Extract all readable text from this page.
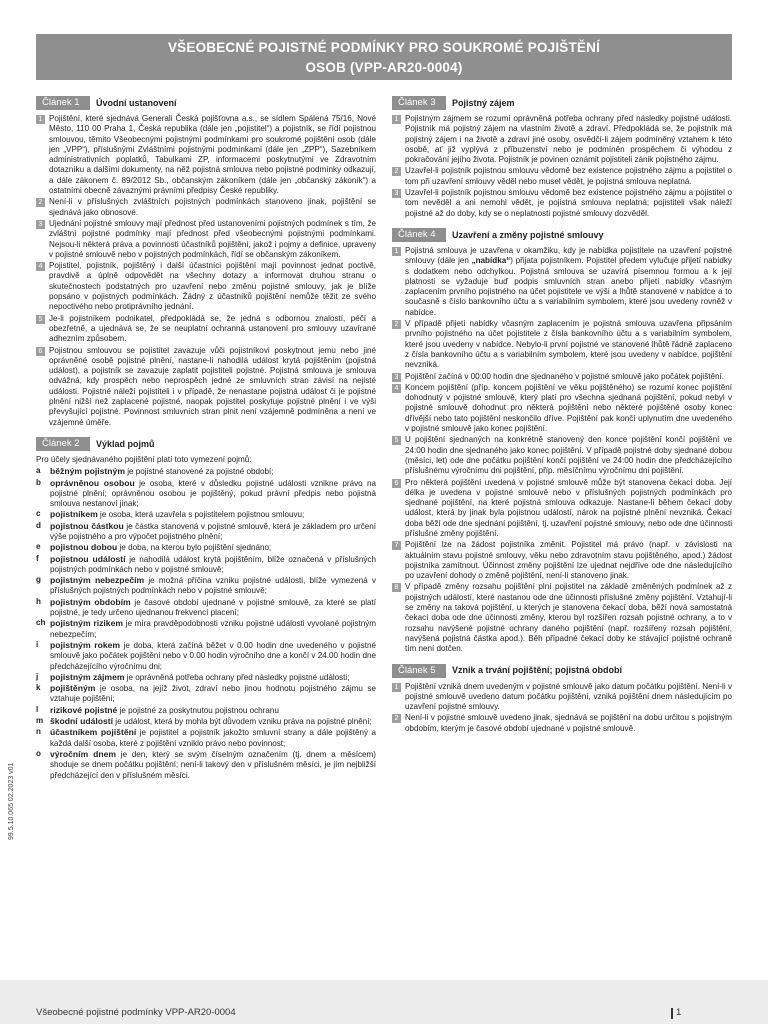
VŠEOBECNÉ POJISTNÉ PODMÍNKY PRO SOUKROMÉ POJIŠTĚNÍ
OSOB (VPP-AR20-0004)
Článek 1	Úvodní ustanovení
1 Pojištění, které sjednává Generali Česká pojišťovna a.s., se sídlem Spálená 75/16, Nové Město, 110 00 Praha 1, Česká republika (dále jen „pojistitel“) a pojistník, se řídí pojistnou smlouvou, těmito Všeobecnými pojistnými podmínkami pro soukromé pojištění osob (dále jen „VPP“), příslušnými Zvláštními pojistnými podmínkami (dále jen „ZPP“), Sazebníkem administrativních poplatků, Tabulkami ZP, informacemi poskytnutými ve Zdravotním dotazníku a dalšími dokumenty, na něž pojistná smlouva nebo pojistné podmínky odkazují, a dále zákonem č. 89/2012 Sb., občanským zákoníkem (dále jen „občanský zákoník“) a ostatními obecně závaznými právními předpisy České republiky.
2 Není-li v příslušných zvláštních pojistných podmínkách stanoveno jinak, pojištění se sjednává jako obnosové.
3 Ujednání pojistné smlouvy mají přednost před ustanoveními pojistných podmínek s tím, že zvláštní pojistné podmínky mají přednost před všeobecnými pojistnými podmínkami. Nejsou-li některá práva a povinnosti účastníků pojištění, jakož i pojmy a definice, upraveny v pojistné smlouvě nebo v pojistných podmínkách, řídí se občanským zákoníkem.
4 Pojistitel, pojistník, pojištěný i další účastníci pojištění mají povinnost jednat poctivě, pravdivě a úplně odpovědět na všechny dotazy a informovat druhou stranu o skutečnostech podstatných pro uzavření nebo změnu pojistné smlouvy, jak je blíže popsáno v pojistných podmínkách. Žádný z účastníků pojištění nemůže těžit ze svého nepoctivého nebo protiprávního jednání.
5 Je-li pojistníkem podnikatel, předpokládá se, že jedná s odbornou znalostí, péčí a obezřetně, a ujednává se, že se neuplatní ochranná ustanovení pro smlouvy uzavírané adhezním způsobem.
6 Pojistnou smlouvou se pojistitel zavazuje vůči pojistníkovi poskytnout jemu nebo jiné oprávněné osobě pojistné plnění, nastane-li nahodilá událost krytá pojištěním (pojistná událost), a pojistník se zavazuje zaplatit pojistiteli pojistné. Pojistná smlouva je smlouva odvážná, kdy prospěch nebo neprospěch jedné ze smluvních stran závisí na nejisté události. Pojistné náleží pojistiteli i v případě, že nenastane pojistná událost či je pojistné plnění nižší než zaplacené pojistné, naopak pojistitel poskytuje pojistné plnění i ve výši převyšující pojistné. Povinnost smluvních stran plnit není vzájemně podmíněna a není ve vzájemné úměře.
Článek 2	Výklad pojmů
Pro účely sjednávaného pojištění platí toto vymezení pojmů:
a	běžným pojistným je pojistné stanovené za pojistné období;
b	oprávněnou osobou je osoba, které v důsledku pojistné události vznikne právo na pojistné plnění; oprávněnou osobou je pojištěný, pokud právní předpis nebo pojistná smlouva nestanoví jinak;
c	pojistníkem je osoba, která uzavřela s pojistitelem pojistnou smlouvu;
d	pojistnou částkou je částka stanovená v pojistné smlouvě, která je základem pro určení výše pojistného a pro výpočet pojistného plnění;
e	pojistnou dobou je doba, na kterou bylo pojištění sjednáno;
f	pojistnou událostí je nahodilá událost krytá pojištěním, blíže označená v příslušných pojistných podmínkách nebo v pojistné smlouvě;
g	pojistným nebezpečím je možná příčina vzniku pojistné události, blíže vymezená v příslušných pojistných podmínkách nebo v pojistné smlouvě;
h	pojistným obdobím je časové období ujednané v pojistné smlouvě, za které se platí pojistné, je tedy určeno ujednanou frekvencí placení;
ch pojistným rizikem je míra pravděpodobnosti vzniku pojistné události vyvolané pojistným nebezpečím;
i	pojistným rokem je doba, která začíná běžet v 0.00 hodin dne uvedeného v pojistné smlouvě jako počátek pojištění nebo v 0.00 hodin výročního dne a končí v 24.00 hodin dne předcházejícího výročnímu dni;
j	pojistným zájmem je oprávněná potřeba ochrany před následky pojistné události;
k	pojištěným je osoba, na jejíž život, zdraví nebo jinou hodnotu pojistného zájmu se vztahuje pojištění;
l	rizikové pojistné je pojistné za poskytnutou pojistnou ochranu
m škodní událostí je událost, která by mohla být důvodem vzniku práva na pojistné plnění;
n	účastníkem pojištění je pojistitel a pojistník jakožto smluvní strany a dále pojištěný a každá další osoba, které z pojištění vzniklo právo nebo povinnost;
o	výročním dnem je den, který se svým číselným označením (tj. dnem a měsícem) shoduje se dnem počátku pojištění; není-li takový den v příslušném měsíci, je jím nejbližší předcházející den v příslušném měsíci.
Článek 3	Pojistný zájem
1 Pojistným zájmem se rozumí oprávněná potřeba ochrany před následky pojistné události. Pojistník má pojistný zájem na vlastním životě a zdraví. Předpokládá se, že pojistník má pojistný zájem i na životě a zdraví jiné osoby, osvědčí-li zájem podmíněný vztahem k této osobě, ať již vyplývá z příbuzenství nebo je podmíněn prospěchem či výhodou z pokračování jejího života. Pojistník je povinen oznámit pojistiteli zánik pojistného zájmu.
2 Uzavřel-li pojistník pojistnou smlouvu vědomě bez existence pojistného zájmu a pojistitel o tom při uzavření smlouvy věděl nebo musel vědět, je pojistná smlouva neplatná.
3 Uzavřel-li pojistník pojistnou smlouvu vědomě bez existence pojistného zájmu a pojistitel o tom nevěděl a ani nemohl vědět, je pojistná smlouva neplatná; pojistiteli však náleží pojistné až do doby, kdy se o neplatnosti pojistné smlouvy dozvěděl.
Článek 4	Uzavření a změny pojistné smlouvy
1 Pojistná smlouva je uzavřena v okamžiku, kdy je nabídka pojistitele na uzavření pojistné smlouvy (dále jen „nabídka“) přijata pojistníkem. Pojistitel předem vylučuje přijetí nabídky s dodatkem nebo odchylkou. Pojistná smlouva se uzavírá písemnou formou a k její platnosti se vyžaduje buď podpis smluvních stran anebo přijetí nabídky včasným zaplacením prvního pojistného na účet pojistitele ve výši a lhůtě stanovené v nabídce a to současně s číslo bankovního účtu a s variabilním symbolem, které jsou uvedeny rovněž v nabídce.
2 V případě přijetí nabídky včasným zaplacením je pojistná smlouva uzavřena připsáním prvního pojistného na účet pojistitele z čísla bankovního účtu a s variabilním symbolem, které jsou uvedeny v nabídce. Nebylo-li první pojistné ve stanovené lhůtě řádně zaplaceno z čísla bankovního účtu a s variabilním symbolem, které jsou uvedeny v nabídce, pojištění nevzniká.
3 Pojištění začíná v 00:00 hodin dne sjednaného v pojistné smlouvě jako počátek pojištění.
4 Koncem pojištění (příp. koncem pojištění ve věku pojištěného) se rozumí konec pojištění dohodnutý v pojistné smlouvě, který platí pro všechna sjednaná pojištění, pokud nebyl v pojistné smlouvě dohodnut pro některá pojištění nebo některé pojištěné osoby konec dřívější nebo tato pojištění neskončilo dříve. Pojištění pak končí uplynutím dne uvedeného v pojistné smlouvě jako konec pojištění.
5 U pojištění sjednaných na konkrétně stanovený den konce pojištění končí pojištění ve 24:00 hodin dne sjednaného jako konec pojištění. V případě pojistné doby sjednané dobou (měsíci, let) ode dne počátku pojištění končí pojištění ve 24:00 hodin dne předcházejícího příslušnému výročnímu dni pojištění, příp. měsíčnímu výročnímu dni pojištění.
6 Pro některá pojištění uvedená v pojistné smlouvě může být stanovena čekací doba. Její délka je uvedena v pojistné smlouvě nebo v příslušných pojistných podmínkách pro sjednané pojištění, na které pojistná smlouva odkazuje. Nastane-li během čekací doby událost, která by jinak byla pojistnou událostí, nárok na pojistné plnění nevzniká. Čekací doba běží ode dne sjednání pojištění, tj. uzavření pojistné smlouvy, nebo ode dne účinnosti příslušné změny pojištění.
7 Pojištění lze na žádost pojistníka změnit. Pojistitel má právo (např. v závislosti na aktuálním stavu pojistné smlouvy, věku nebo zdravotním stavu pojištěného, apod.) žádost pojistníka zamítnout. Účinnost změny pojištění lze ujednat nejdříve ode dne následujícího po uzavření dohody o změně pojištění, není-li stanoveno jinak.
8 V případě změny rozsahu pojištění plní pojistitel na základě změněných podmínek až z pojistných událostí, které nastanou ode dne účinnosti příslušné změny pojištění. Vztahují-li se změny na taková pojištění, u kterých je stanovena čekací doba, běží nová samostatná čekací doba ode dne účinnosti změny, kterou byl rozšířen rozsah pojistné ochrany, a to v rozsahu navýšené pojistné ochrany daného pojištění (např. rozšířený rozsah pojištění, navýšená pojistná částka apod.). Běh případné čekací doby ke stávající pojistné ochraně tím není dotčen.
Článek 5	Vznik a trvání pojištění; pojistná období
1 Pojištění vzniká dnem uvedeným v pojistné smlouvě jako datum počátku pojištění. Není-li v pojistné smlouvě uvedeno datum počátku pojištění, vzniká pojištění dnem následujícím po uzavření pojistné smlouvy.
2 Není-li v pojistné smlouvě uvedeno jinak, sjednává se pojištění na dobu určitou s pojistným obdobím, kterým je časové období ujednané v pojistné smlouvě.
99.5.10.065 02.2023 v01
Všeobecné pojistné podmínky VPP-AR20-0004	1
